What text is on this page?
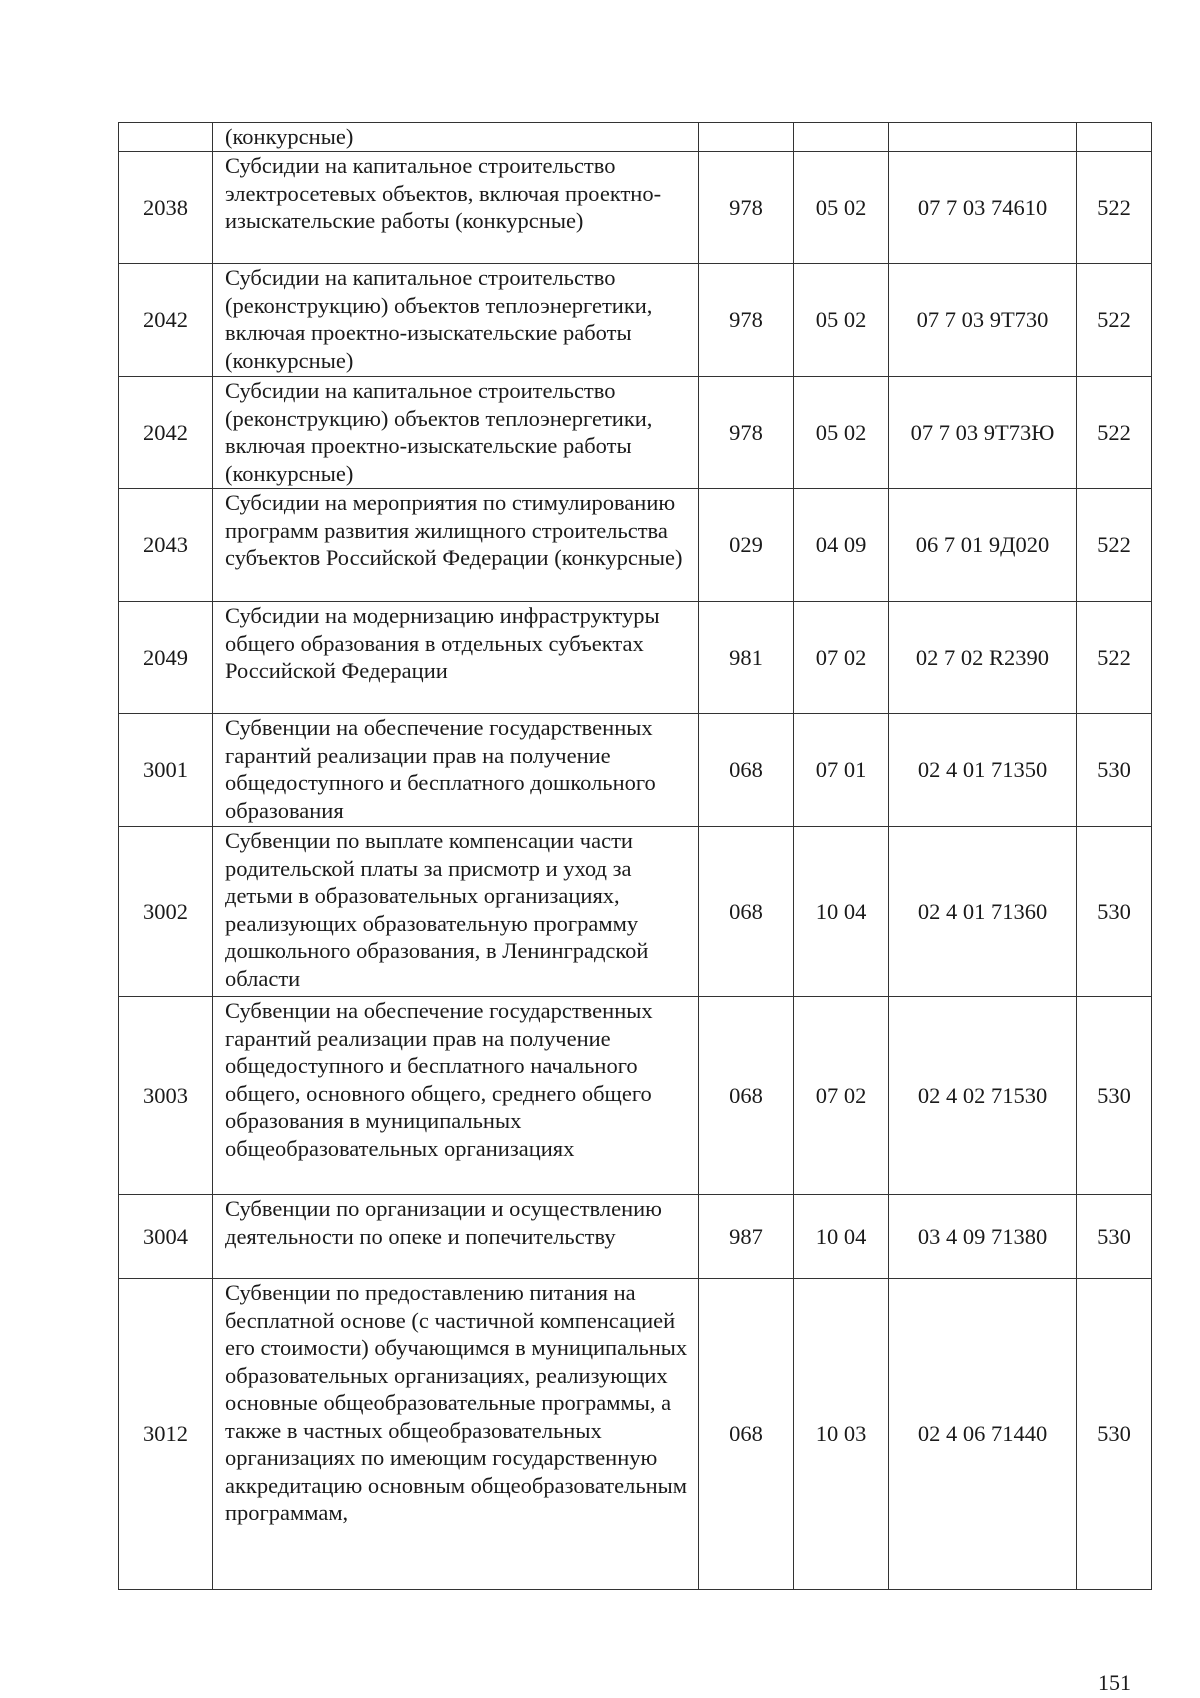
	(конкурсные)				
2038	Субсидии на капитальное строительство электросетевых объектов, включая проектно-изыскательские работы (конкурсные)	978	05 02	07 7 03 74610	522
2042	Субсидии на капитальное строительство (реконструкцию) объектов теплоэнергетики, включая проектно-изыскательские работы (конкурсные)	978	05 02	07 7 03 9Т730	522
2042	Субсидии на капитальное строительство (реконструкцию) объектов теплоэнергетики, включая проектно-изыскательские работы (конкурсные)	978	05 02	07 7 03 9Т73Ю	522
2043	Субсидии на мероприятия по стимулированию программ развития жилищного строительства субъектов Российской Федерации (конкурсные)	029	04 09	06 7 01 9Д020	522
2049	Субсидии на модернизацию инфраструктуры общего образования в отдельных субъектах Российской Федерации	981	07 02	02 7 02 R2390	522
3001	Субвенции на обеспечение государственных гарантий реализации прав на получение общедоступного и бесплатного дошкольного образования	068	07 01	02 4 01 71350	530
3002	Субвенции по выплате компенсации части родительской платы за присмотр и уход за детьми в образовательных организациях, реализующих образовательную программу дошкольного образования, в Ленинградской области	068	10 04	02 4 01 71360	530
3003	Субвенции на обеспечение государственных гарантий реализации прав на получение общедоступного и бесплатного начального общего, основного общего, среднего общего образования в муниципальных общеобразовательных организациях	068	07 02	02 4 02 71530	530
3004	Субвенции по организации и осуществлению деятельности по опеке и попечительству	987	10 04	03 4 09 71380	530
3012	Субвенции по предоставлению питания на бесплатной основе (с частичной компенсацией его стоимости) обучающимся в муниципальных образовательных организациях, реализующих основные общеобразовательные программы, а также в частных общеобразовательных организациях по имеющим государственную аккредитацию основным общеобразовательным программам,	068	10 03	02 4 06 71440	530
151
